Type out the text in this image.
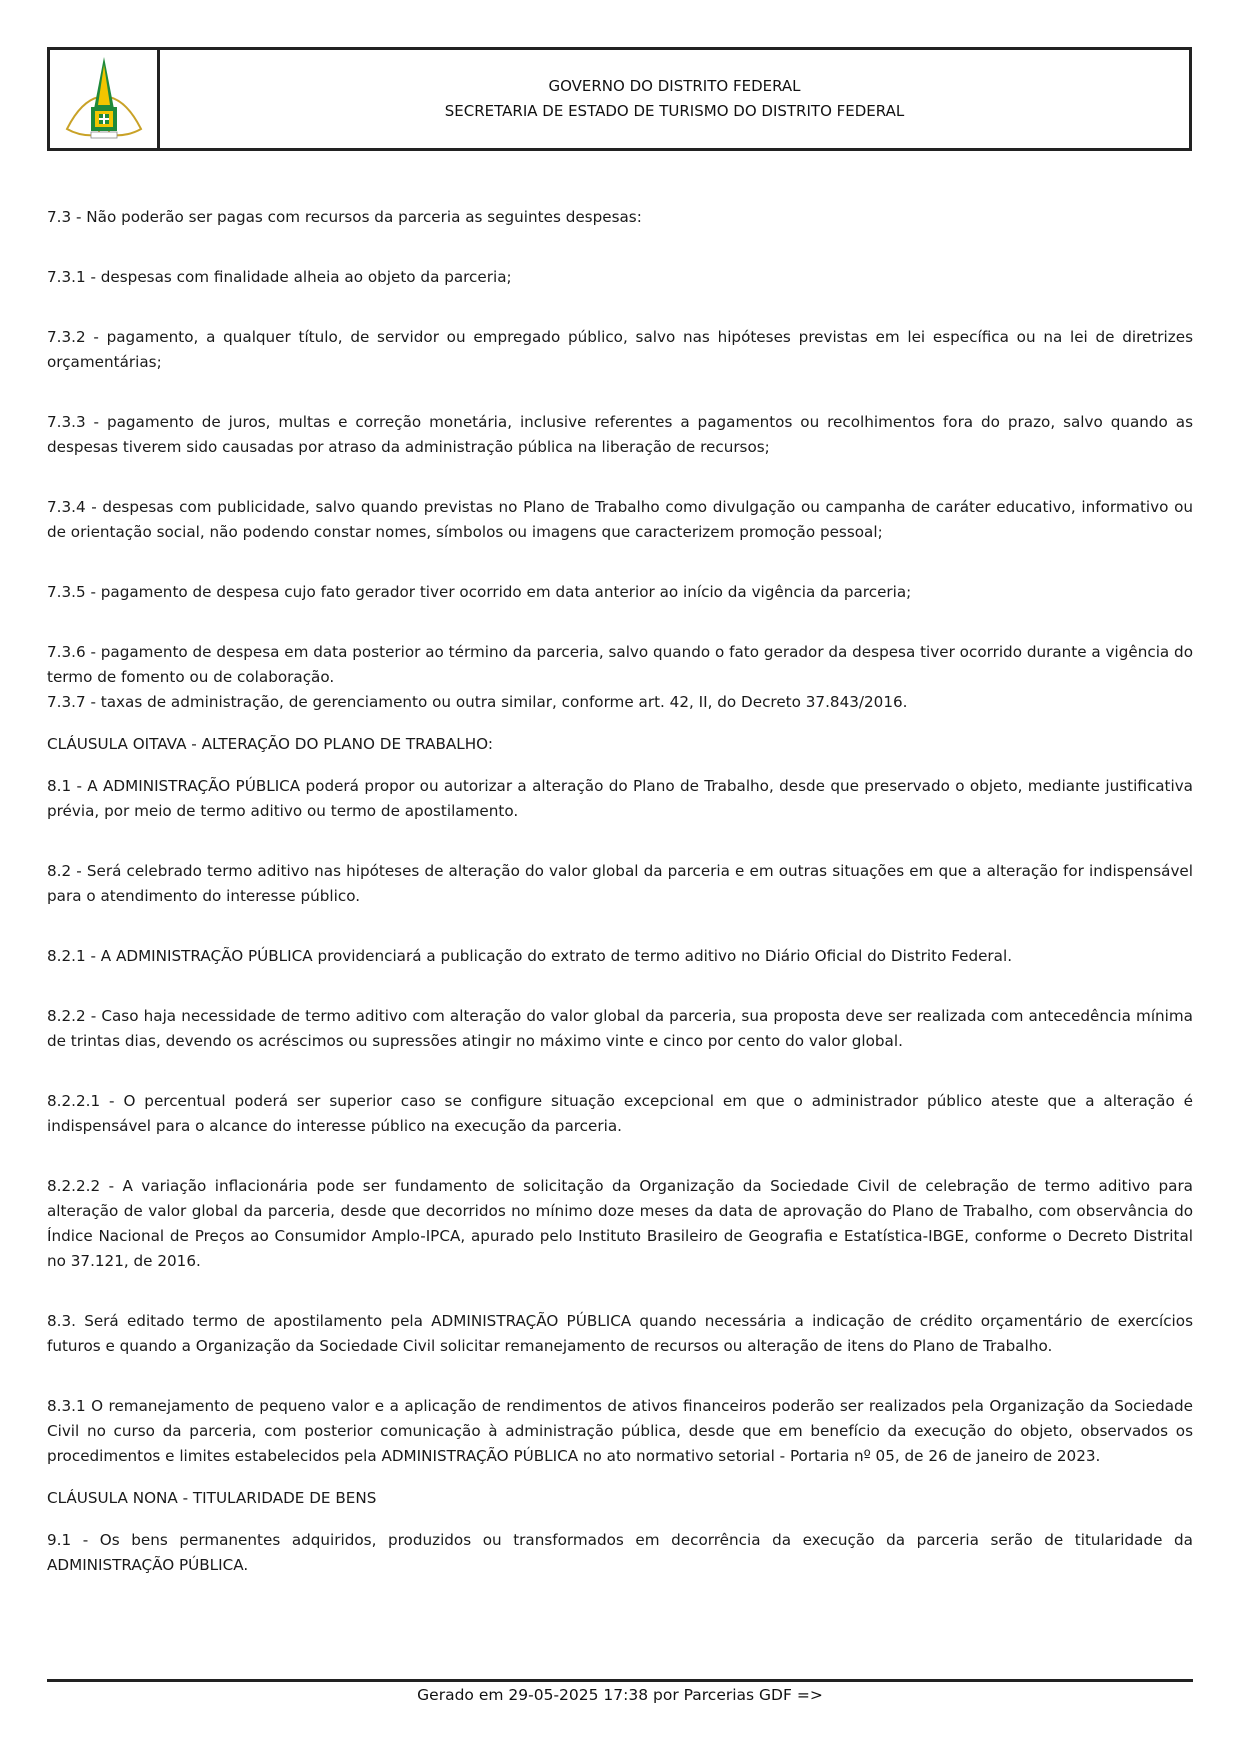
GOVERNO DO DISTRITO FEDERAL
SECRETARIA DE ESTADO DE TURISMO DO DISTRITO FEDERAL

7.3 - Não poderão ser pagas com recursos da parceria as seguintes despesas:

7.3.1 - despesas com finalidade alheia ao objeto da parceria;

7.3.2 - pagamento, a qualquer título, de servidor ou empregado público, salvo nas hipóteses previstas em lei específica ou na lei de diretrizes orçamentárias;

7.3.3 - pagamento de juros, multas e correção monetária, inclusive referentes a pagamentos ou recolhimentos fora do prazo, salvo quando as despesas tiverem sido causadas por atraso da administração pública na liberação de recursos;

7.3.4 - despesas com publicidade, salvo quando previstas no Plano de Trabalho como divulgação ou campanha de caráter educativo, informativo ou de orientação social, não podendo constar nomes, símbolos ou imagens que caracterizem promoção pessoal;

7.3.5 - pagamento de despesa cujo fato gerador tiver ocorrido em data anterior ao início da vigência da parceria;

7.3.6 - pagamento de despesa em data posterior ao término da parceria, salvo quando o fato gerador da despesa tiver ocorrido durante a vigência do termo de fomento ou de colaboração.

7.3.7 - taxas de administração, de gerenciamento ou outra similar, conforme art. 42, II, do Decreto 37.843/2016.

CLÁUSULA OITAVA - ALTERAÇÃO DO PLANO DE TRABALHO:

8.1 - A ADMINISTRAÇÃO PÚBLICA poderá propor ou autorizar a alteração do Plano de Trabalho, desde que preservado o objeto, mediante justificativa prévia, por meio de termo aditivo ou termo de apostilamento.

8.2 - Será celebrado termo aditivo nas hipóteses de alteração do valor global da parceria e em outras situações em que a alteração for indispensável para o atendimento do interesse público.

8.2.1 - A ADMINISTRAÇÃO PÚBLICA providenciará a publicação do extrato de termo aditivo no Diário Oficial do Distrito Federal.

8.2.2 - Caso haja necessidade de termo aditivo com alteração do valor global da parceria, sua proposta deve ser realizada com antecedência mínima de trintas dias, devendo os acréscimos ou supressões atingir no máximo vinte e cinco por cento do valor global.

8.2.2.1 - O percentual poderá ser superior caso se configure situação excepcional em que o administrador público ateste que a alteração é indispensável para o alcance do interesse público na execução da parceria.

8.2.2.2 - A variação inflacionária pode ser fundamento de solicitação da Organização da Sociedade Civil de celebração de termo aditivo para alteração de valor global da parceria, desde que decorridos no mínimo doze meses da data de aprovação do Plano de Trabalho, com observância do Índice Nacional de Preços ao Consumidor Amplo-IPCA, apurado pelo Instituto Brasileiro de Geografia e Estatística-IBGE, conforme o Decreto Distrital no 37.121, de 2016.

8.3. Será editado termo de apostilamento pela ADMINISTRAÇÃO PÚBLICA quando necessária a indicação de crédito orçamentário de exercícios futuros e quando a Organização da Sociedade Civil solicitar remanejamento de recursos ou alteração de itens do Plano de Trabalho.

8.3.1 O remanejamento de pequeno valor e a aplicação de rendimentos de ativos financeiros poderão ser realizados pela Organização da Sociedade Civil no curso da parceria, com posterior comunicação à administração pública, desde que em benefício da execução do objeto, observados os procedimentos e limites estabelecidos pela ADMINISTRAÇÃO PÚBLICA no ato normativo setorial - Portaria nº 05, de 26 de janeiro de 2023.

CLÁUSULA NONA - TITULARIDADE DE BENS

9.1 - Os bens permanentes adquiridos, produzidos ou transformados em decorrência da execução da parceria serão de titularidade da ADMINISTRAÇÃO PÚBLICA.

Gerado em 29-05-2025 17:38 por Parcerias GDF =>
